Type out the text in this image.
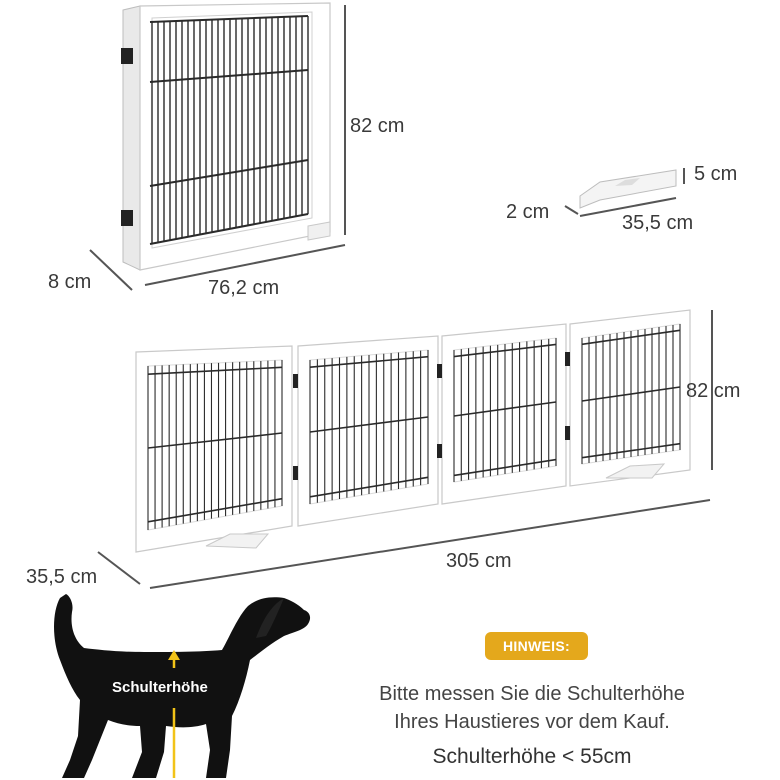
82 cm
8 cm	76,2 cm
5 cm
2 cm	35,5 cm
82 cm
35,5 cm
305 cm
HINWEIS:
Bitte messen Sie die Schulterhöhe
Ihres Haustieres vor dem Kauf.
Schulterhöhe < 55cm
Schulterhöhe
